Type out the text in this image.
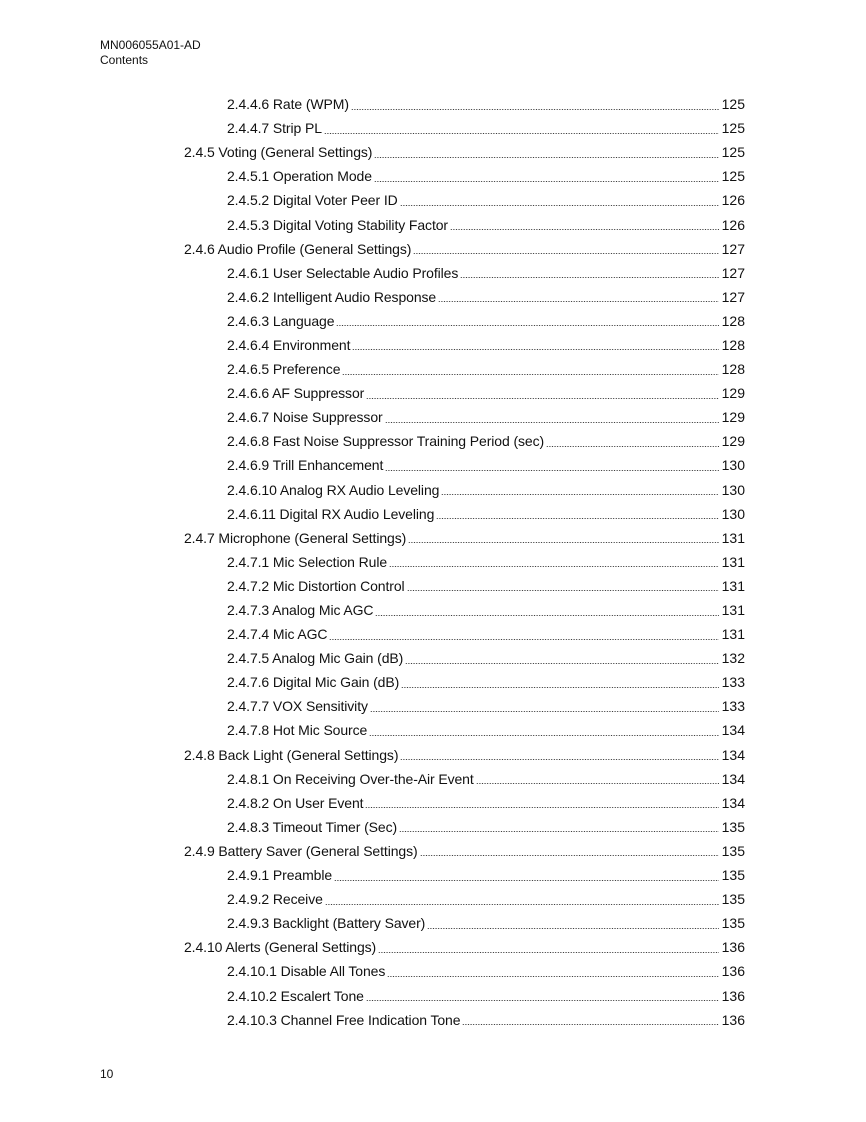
MN006055A01-AD
Contents
2.4.4.6 Rate (WPM)	125
2.4.4.7 Strip PL	125
2.4.5 Voting (General Settings)	125
2.4.5.1 Operation Mode	125
2.4.5.2 Digital Voter Peer ID	126
2.4.5.3 Digital Voting Stability Factor	126
2.4.6 Audio Profile (General Settings)	127
2.4.6.1 User Selectable Audio Profiles	127
2.4.6.2 Intelligent Audio Response	127
2.4.6.3 Language	128
2.4.6.4 Environment	128
2.4.6.5 Preference	128
2.4.6.6 AF Suppressor	129
2.4.6.7 Noise Suppressor	129
2.4.6.8 Fast Noise Suppressor Training Period (sec)	129
2.4.6.9 Trill Enhancement	130
2.4.6.10 Analog RX Audio Leveling	130
2.4.6.11 Digital RX Audio Leveling	130
2.4.7 Microphone (General Settings)	131
2.4.7.1 Mic Selection Rule	131
2.4.7.2 Mic Distortion Control	131
2.4.7.3 Analog Mic AGC	131
2.4.7.4 Mic AGC	131
2.4.7.5 Analog Mic Gain (dB)	132
2.4.7.6 Digital Mic Gain (dB)	133
2.4.7.7 VOX Sensitivity	133
2.4.7.8 Hot Mic Source	134
2.4.8 Back Light (General Settings)	134
2.4.8.1 On Receiving Over-the-Air Event	134
2.4.8.2 On User Event	134
2.4.8.3 Timeout Timer (Sec)	135
2.4.9 Battery Saver (General Settings)	135
2.4.9.1 Preamble	135
2.4.9.2 Receive	135
2.4.9.3 Backlight (Battery Saver)	135
2.4.10 Alerts (General Settings)	136
2.4.10.1 Disable All Tones	136
2.4.10.2 Escalert Tone	136
2.4.10.3 Channel Free Indication Tone	136
10
